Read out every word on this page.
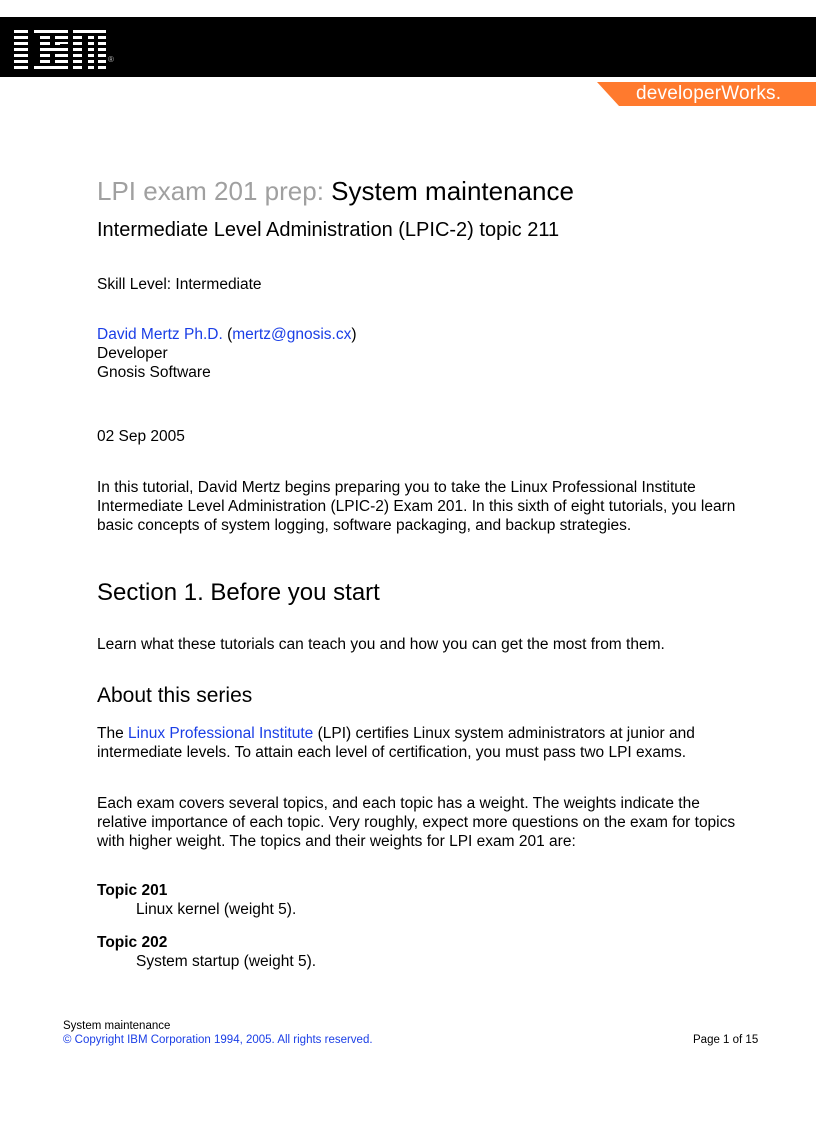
®
developerWorks.
LPI exam 201 prep: System maintenance
Intermediate Level Administration (LPIC-2) topic 211
Skill Level: Intermediate
David Mertz Ph.D. (mertz@gnosis.cx)
Developer
Gnosis Software
02 Sep 2005
In this tutorial, David Mertz begins preparing you to take the Linux Professional Institute Intermediate Level Administration (LPIC-2) Exam 201. In this sixth of eight tutorials, you learn basic concepts of system logging, software packaging, and backup strategies.
Section 1. Before you start
Learn what these tutorials can teach you and how you can get the most from them.
About this series
The Linux Professional Institute (LPI) certifies Linux system administrators at junior and intermediate levels. To attain each level of certification, you must pass two LPI exams.
Each exam covers several topics, and each topic has a weight. The weights indicate the relative importance of each topic. Very roughly, expect more questions on the exam for topics with higher weight. The topics and their weights for LPI exam 201 are:
Topic 201
Linux kernel (weight 5).
Topic 202
System startup (weight 5).
System maintenance
© Copyright IBM Corporation 1994, 2005. All rights reserved.	Page 1 of 15
